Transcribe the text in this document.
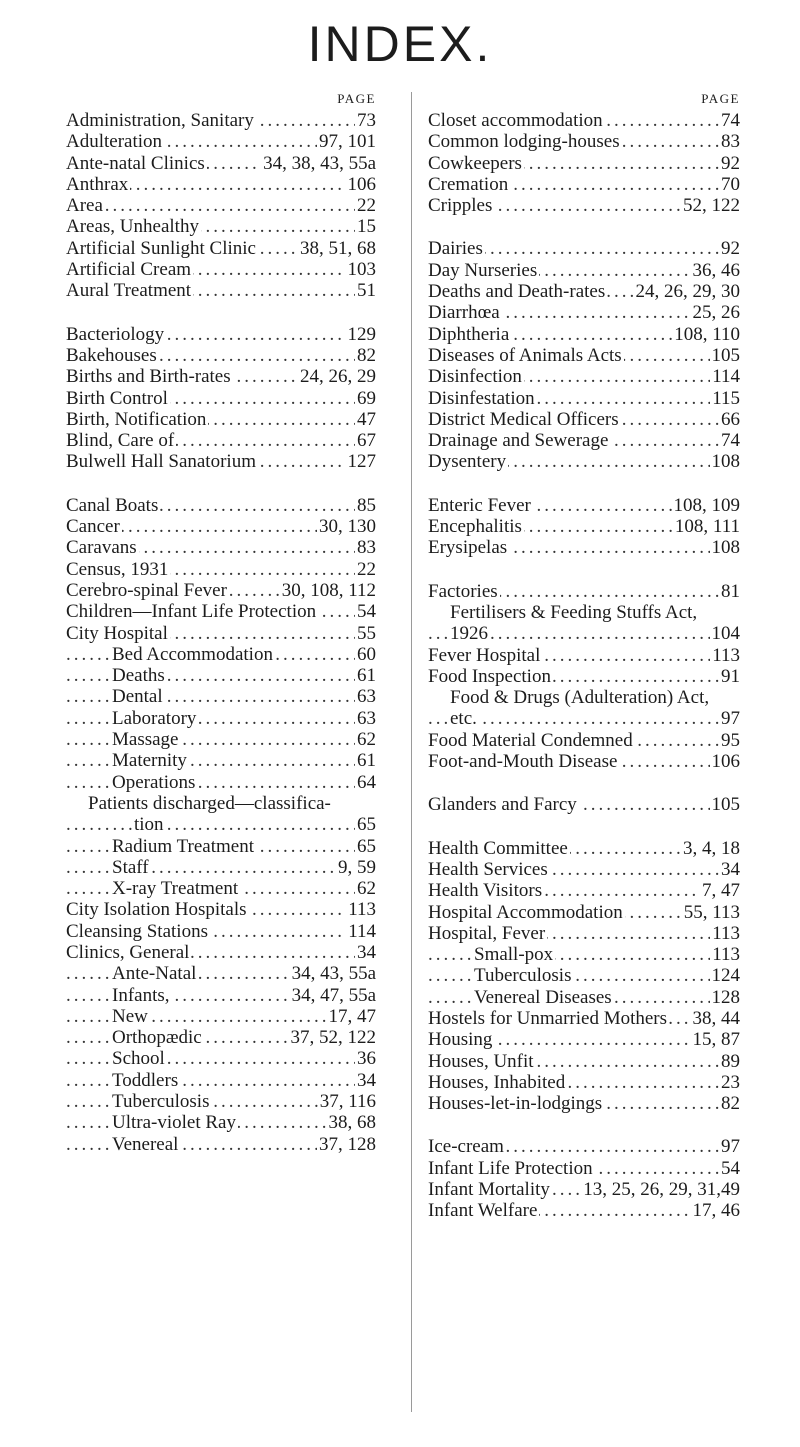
INDEX.
PAGE
Administration, Sanitary	73
.....
Adulteration	97, 101
.....
Ante-natal Clinics	34, 38, 43, 55a
.....
Anthrax	106
.....
Area	22
.....
Areas, Unhealthy	15
.....
Artificial Sunlight Clinic 38, 51, 68
.....
Artificial Cream	103
.....
Aural Treatment	51
.....
Bacteriology	129
.....
Bakehouses	82
.....
Births and Birth-rates	24, 26, 29
.....
Birth Control	69
.....
Birth, Notification	47
.....
Blind, Care of	67
.....
Bulwell Hall Sanatorium	127
.....
Canal Boats	85
.....
Cancer	30, 130
.....
Caravans	83
.....
Census, 1931	22
.....
Cerebro-spinal Fever	30, 108, 112
.....
Children—Infant Life Protection 54
.....
City Hospital	55
.....
Bed Accommodation	60
.....
Deaths	61
.....
Dental	63
.....
Laboratory	63
.....
Massage	62
.....
Maternity	61
.....
Operations	64
.....
Patients discharged—classifica-
tion	65
.....
Radium Treatment	65
.....
Staff	9, 59
.....
X-ray Treatment	62
.....
City Isolation Hospitals	113
.....
Cleansing Stations	114
.....
Clinics, General	34
.....
Ante-Natal	34, 43, 55a
.....
Infants,	34, 47, 55a
.....
New	17, 47
.....
Orthopædic	37, 52, 122
.....
School	36
.....
Toddlers	34
.....
Tuberculosis	37, 116
.....
Ultra-violet Ray	38, 68
.....
Venereal	37, 128
.....
PAGE
Closet accommodation	74
.....
Common lodging-houses	83
.....
Cowkeepers	92
.....
Cremation	70
.....
Cripples	52, 122
.....
Dairies	92
.....
Day Nurseries	36, 46
.....
Deaths and Death-rates 24, 26, 29, 30
.....
Diarrhœa	25, 26
.....
Diphtheria	108, 110
.....
Diseases of Animals Acts	105
.....
Disinfection	114
.....
Disinfestation	115
.....
District Medical Officers	66
.....
Drainage and Sewerage	74
.....
Dysentery	108
.....
Enteric Fever	108, 109
.....
Encephalitis	108, 111
.....
Erysipelas	108
.....
Factories	81
.....
Fertilisers & Feeding Stuffs Act,
1926	104
.....
Fever Hospital	113
.....
Food Inspection	91
.....
Food & Drugs (Adulteration) Act,
etc.	97
.....
Food Material Condemned	95
.....
Foot-and-Mouth Disease	106
.....
Glanders and Farcy	105
.....
Health Committee	3, 4, 18
.....
Health Services	34
.....
Health Visitors	7, 47
.....
Hospital Accommodation	55, 113
.....
Hospital, Fever	113
.....
Small-pox	113
.....
Tuberculosis	124
.....
Venereal Diseases	128
.....
Hostels for Unmarried Mothers 38, 44
.....
Housing	15, 87
.....
Houses, Unfit	89
.....
Houses, Inhabited	23
.....
Houses-let-in-lodgings	82
.....
Ice-cream	97
.....
Infant Life Protection	54
.....
Infant Mortality 13, 25, 26, 29, 31,49
.....
Infant Welfare	17, 46
.....
